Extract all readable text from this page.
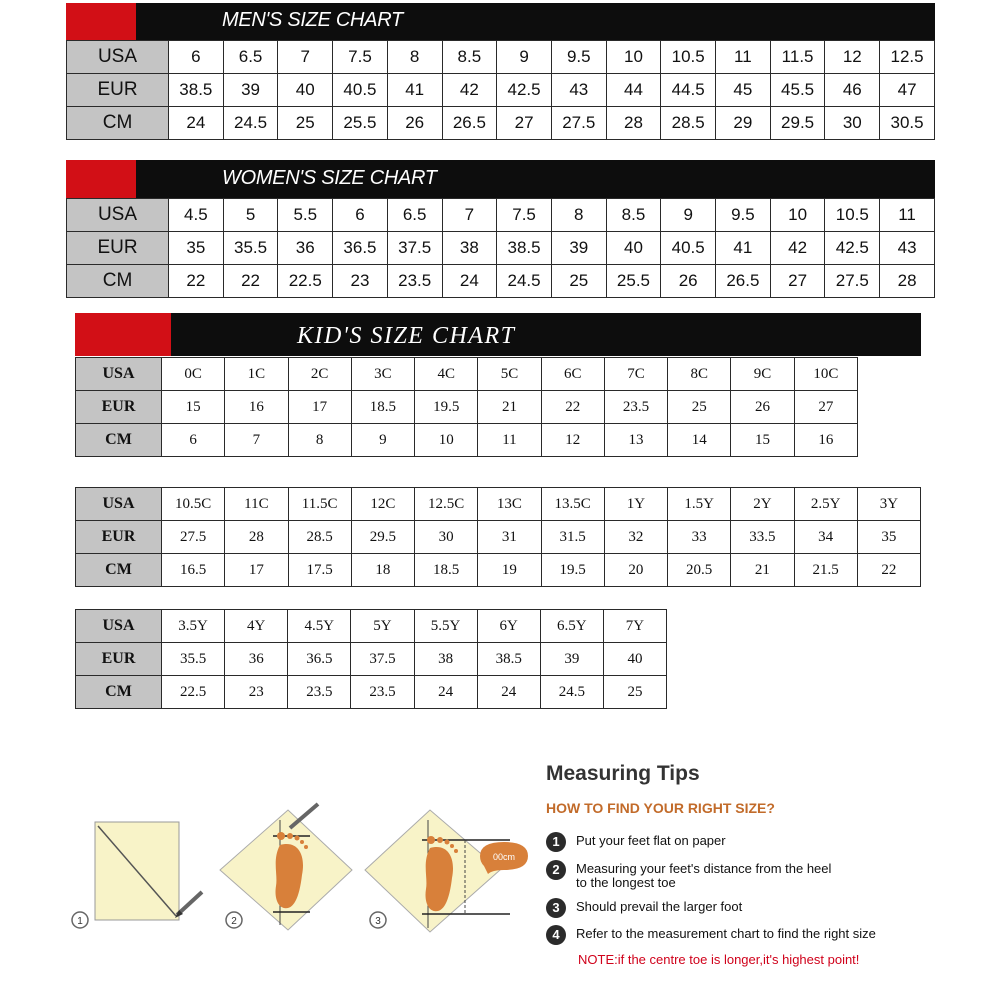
MEN'S SIZE CHART
USA	6	6.5	7	7.5	8	8.5	9	9.5	10	10.5	11	11.5	12	12.5
EUR	38.5	39	40	40.5	41	42	42.5	43	44	44.5	45	45.5	46	47
CM	24	24.5	25	25.5	26	26.5	27	27.5	28	28.5	29	29.5	30	30.5
WOMEN'S SIZE CHART
USA	4.5	5	5.5	6	6.5	7	7.5	8	8.5	9	9.5	10	10.5	11
EUR	35	35.5	36	36.5	37.5	38	38.5	39	40	40.5	41	42	42.5	43
CM	22	22	22.5	23	23.5	24	24.5	25	25.5	26	26.5	27	27.5	28
KID'S SIZE CHART
USA	0C	1C	2C	3C	4C	5C	6C	7C	8C	9C	10C
EUR	15	16	17	18.5	19.5	21	22	23.5	25	26	27
CM	6	7	8	9	10	11	12	13	14	15	16
USA	10.5C	11C	11.5C	12C	12.5C	13C	13.5C	1Y	1.5Y	2Y	2.5Y	3Y
EUR	27.5	28	28.5	29.5	30	31	31.5	32	33	33.5	34	35
CM	16.5	17	17.5	18	18.5	19	19.5	20	20.5	21	21.5	22
USA	3.5Y	4Y	4.5Y	5Y	5.5Y	6Y	6.5Y	7Y
EUR	35.5	36	36.5	37.5	38	38.5	39	40
CM	22.5	23	23.5	23.5	24	24	24.5	25
1	2
00cm
3
Measuring Tips
HOW TO FIND YOUR RIGHT SIZE?
1	Put your feet flat on paper
2	Measuring your feet's distance from the heel
to the longest toe
3	Should prevail the larger foot
4	Refer to the measurement chart to find the right size
NOTE:if the centre toe is longer,it's highest point!
